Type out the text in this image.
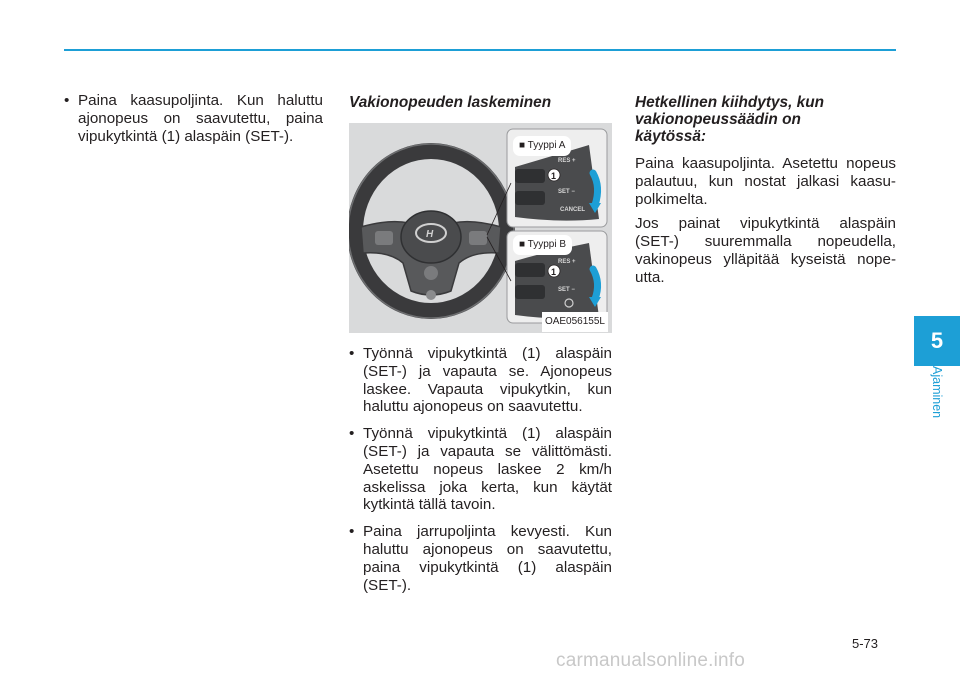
• Paina kaasupoljinta. Kun haluttu ajonopeus on saavutettu, paina vipukytkintä (1) alaspäin (SET-).

Vakionopeuden laskeminen
H
■ Tyyppi A
■ Tyyppi B
1
1
RES +
SET −
CANCEL
RES +
SET −
OAE056155L

• Työnnä vipukytkintä (1) alaspäin (SET-) ja vapauta se. Ajonopeus laskee. Vapauta vipukytkin, kun haluttu ajonopeus on saavutettu.

• Työnnä vipukytkintä (1) alaspäin (SET-) ja vapauta se välittömästi. Asetettu nopeus laskee 2 km/h askelissa joka kerta, kun käytät kytkintä tällä tavoin.

• Paina jarrupoljinta kevyesti. Kun haluttu ajonopeus on saavutettu, paina vipukytkintä (1) alaspäin (SET-).

Hetkellinen kiihdytys, kun
vakionopeussäädin on
käytössä:

Paina kaasupoljinta. Asetettu nopeus palautuu, kun nostat jalkasi kaasu-polkimelta.

Jos painat vipukytkintä alaspäin (SET-) suuremmalla nopeudella, vakinopeus ylläpitää kyseistä nope-utta.

5
Ajaminen
5-73
carmanualsonline.info
